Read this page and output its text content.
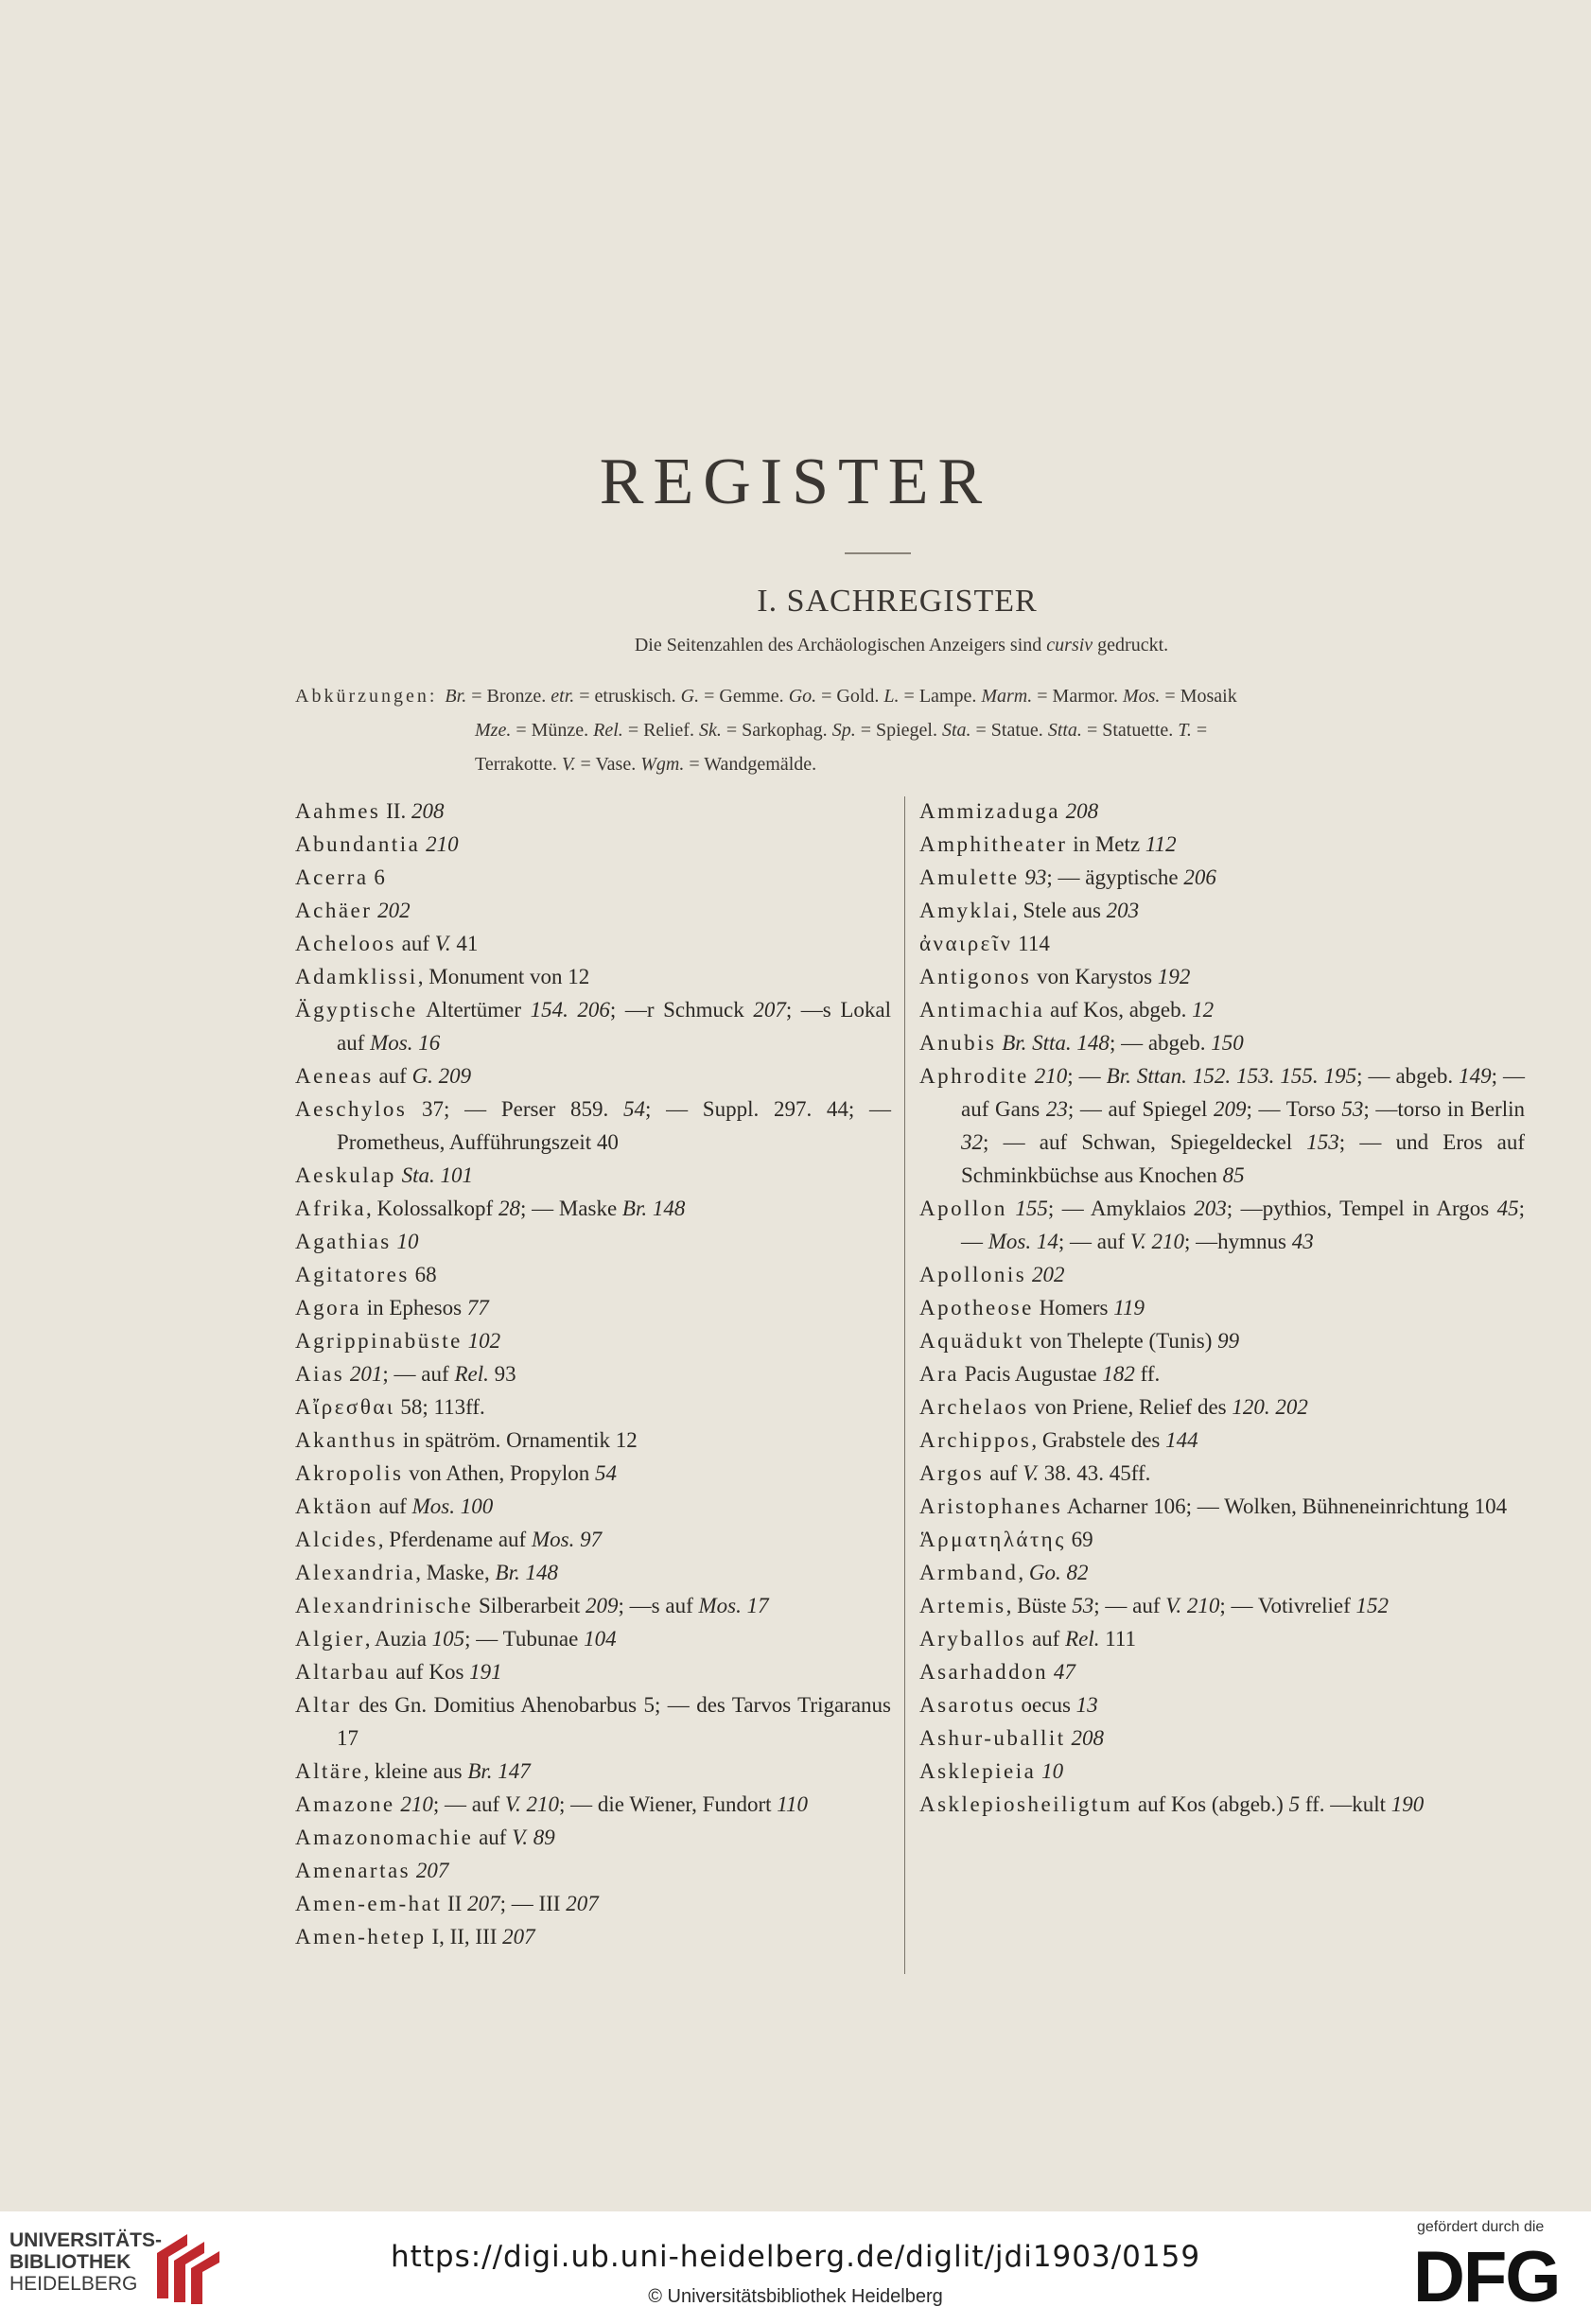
REGISTER
I. SACHREGISTER
Die Seitenzahlen des Archäologischen Anzeigers sind cursiv gedruckt.
Abkürzungen: Br. = Bronze. etr. = etruskisch. G. = Gemme. Go. = Gold. L. = Lampe. Marm. = Marmor. Mos. = Mosaik
Mze. = Münze. Rel. = Relief. Sk. = Sarkophag. Sp. = Spiegel. Sta. = Statue. Stta. = Statuette. T. =
Terrakotte. V. = Vase. Wgm. = Wandgemälde.
Aahmes II. 208
Abundantia 210
Acerra 6
Achäer 202
Acheloos auf V. 41
Adamklissi, Monument von 12
Ägyptische Altertümer 154. 206; —r Schmuck 207; —s Lokal auf Mos. 16
Aeneas auf G. 209
Aeschylos 37; — Perser 859. 54; — Suppl. 297. 44; — Prometheus, Aufführungszeit 40
Aeskulap Sta. 101
Afrika, Kolossalkopf 28; — Maske Br. 148
Agathias 10
Agitatores 68
Agora in Ephesos 77
Agrippinabüste 102
Aias 201; — auf Rel. 93
Αἴρεσθαι 58; 113ff.
Akanthus in spätröm. Ornamentik 12
Akropolis von Athen, Propylon 54
Aktäon auf Mos. 100
Alcides, Pferdename auf Mos. 97
Alexandria, Maske, Br. 148
Alexandrinische Silberarbeit 209; —s auf Mos. 17
Algier, Auzia 105; — Tubunae 104
Altarbau auf Kos 191
Altar des Gn. Domitius Ahenobarbus 5; — des Tarvos Trigaranus 17
Altäre, kleine aus Br. 147
Amazone 210; — auf V. 210; — die Wiener, Fundort 110
Amazonomachie auf V. 89
Amenartas 207
Amen-em-hat II 207; — III 207
Amen-hetep I, II, III 207
Ammizaduga 208
Amphitheater in Metz 112
Amulette 93; — ägyptische 206
Amyklai, Stele aus 203
ἀναιρεῖν 114
Antigonos von Karystos 192
Antimachia auf Kos, abgeb. 12
Anubis Br. Stta. 148; — abgeb. 150
Aphrodite 210; — Br. Sttan. 152. 153. 155. 195; — abgeb. 149; — auf Gans 23; — auf Spiegel 209; — Torso 53; —torso in Berlin 32; — auf Schwan, Spiegeldeckel 153; — und Eros auf Schminkbüchse aus Knochen 85
Apollon 155; — Amyklaios 203; —pythios, Tempel in Argos 45; — Mos. 14; — auf V. 210; —hymnus 43
Apollonis 202
Apotheose Homers 119
Aquädukt von Thelepte (Tunis) 99
Ara Pacis Augustae 182 ff.
Archelaos von Priene, Relief des 120. 202
Archippos, Grabstele des 144
Argos auf V. 38. 43. 45ff.
Aristophanes Acharner 106; — Wolken, Bühneneinrichtung 104
Ἁρματηλάτης 69
Armband, Go. 82
Artemis, Büste 53; — auf V. 210; — Votivrelief 152
Aryballos auf Rel. 111
Asarhaddon 47
Asarotus oecus 13
Ashur-uballit 208
Asklepieia 10
Asklepiosheiligtum auf Kos (abgeb.) 5 ff. —kult 190
UNIVERSITÄTS-
BIBLIOTHEK
HEIDELBERG
https://digi.ub.uni-heidelberg.de/diglit/jdi1903/0159
© Universitätsbibliothek Heidelberg
gefördert durch die
DFG
